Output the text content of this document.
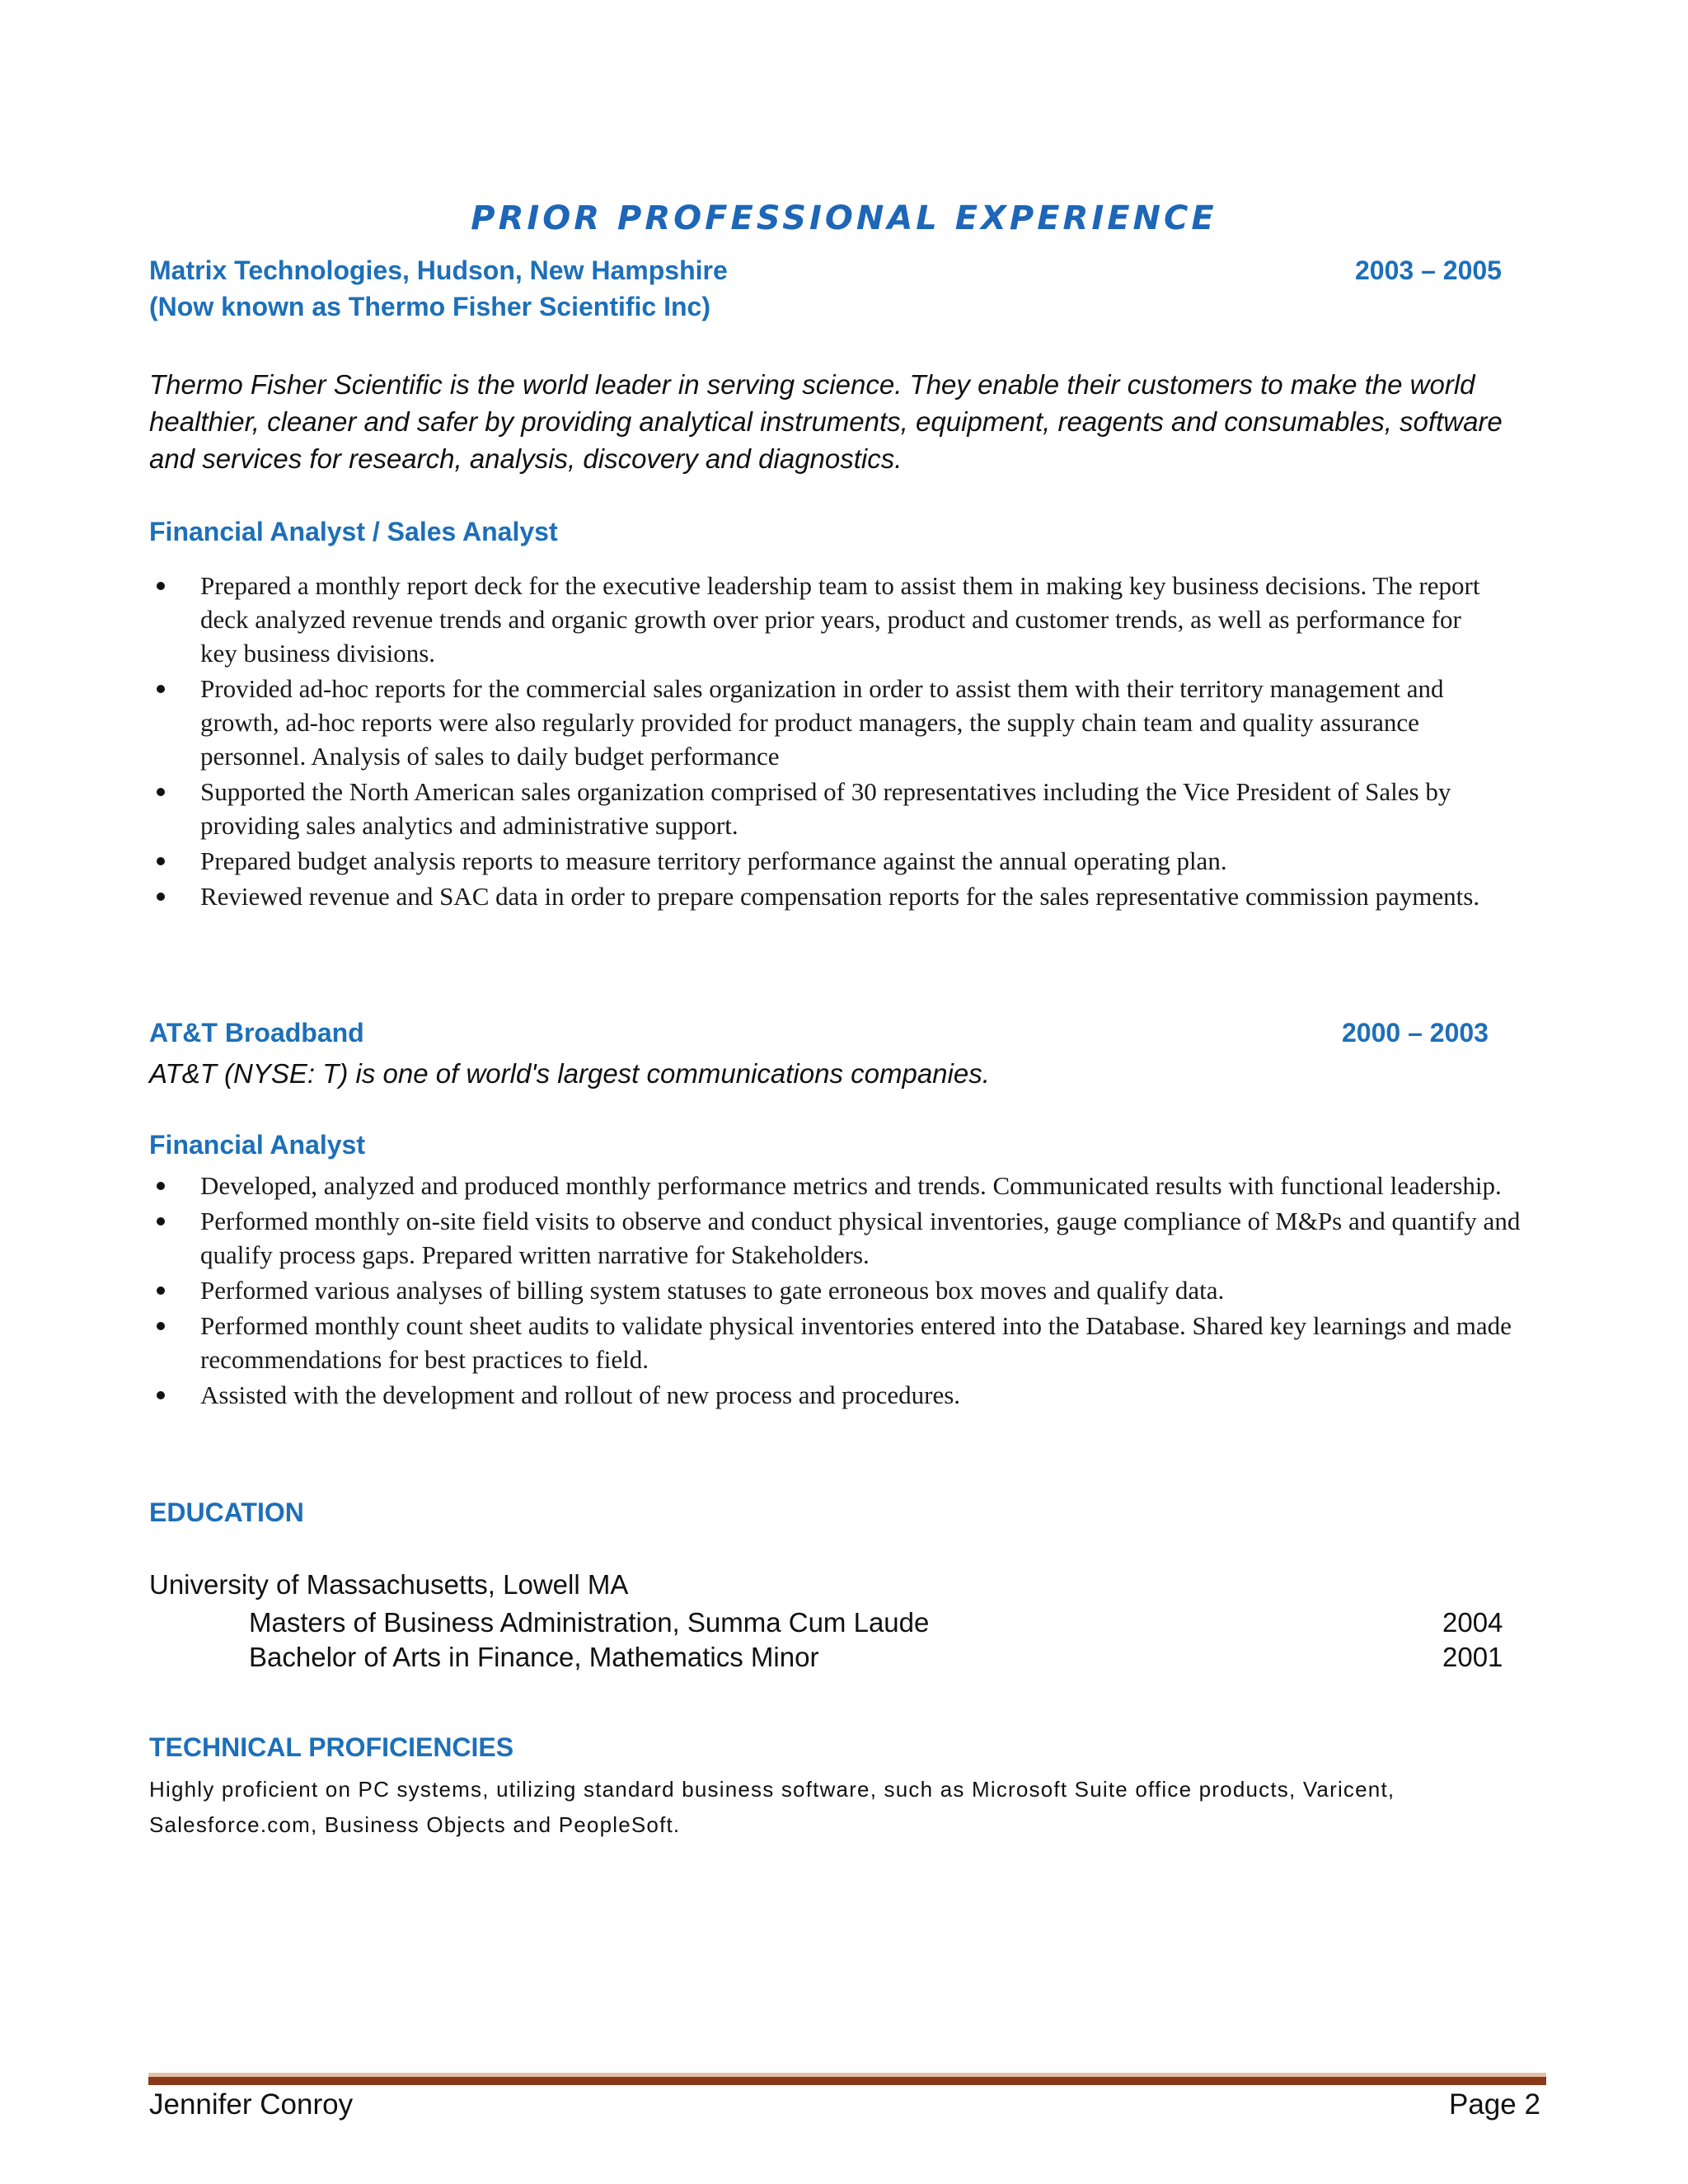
PRIOR PROFESSIONAL EXPERIENCE
Matrix Technologies, Hudson, New Hampshire	2003 – 2005
(Now known as Thermo Fisher Scientific Inc)
Thermo Fisher Scientific is the world leader in serving science. They enable their customers to make the world
healthier, cleaner and safer by providing analytical instruments, equipment, reagents and consumables, software
and services for research, analysis, discovery and diagnostics.
Financial Analyst / Sales Analyst
Prepared a monthly report deck for the executive leadership team to assist them in making key business decisions. The report deck analyzed revenue trends and organic growth over prior years, product and customer trends, as well as performance for key business divisions.
Provided ad-hoc reports for the commercial sales organization in order to assist them with their territory management and growth, ad-hoc reports were also regularly provided for product managers, the supply chain team and quality assurance personnel. Analysis of sales to daily budget performance
Supported the North American sales organization comprised of 30 representatives including the Vice President of Sales by providing sales analytics and administrative support.
Prepared budget analysis reports to measure territory performance against the annual operating plan.
Reviewed revenue and SAC data in order to prepare compensation reports for the sales representative commission payments.
AT&T Broadband	2000 – 2003
AT&T (NYSE: T) is one of world's largest communications companies.
Financial Analyst
Developed, analyzed and produced monthly performance metrics and trends. Communicated results with functional leadership.
Performed monthly on-site field visits to observe and conduct physical inventories, gauge compliance of M&Ps and quantify and qualify process gaps. Prepared written narrative for Stakeholders.
Performed various analyses of billing system statuses to gate erroneous box moves and qualify data.
Performed monthly count sheet audits to validate physical inventories entered into the Database. Shared key learnings and made recommendations for best practices to field.
Assisted with the development and rollout of new process and procedures.
EDUCATION
University of Massachusetts, Lowell MA
Masters of Business Administration, Summa Cum Laude	2004
Bachelor of Arts in Finance, Mathematics Minor	2001
TECHNICAL PROFICIENCIES
Highly proficient on PC systems, utilizing standard business software, such as Microsoft Suite office products, Varicent,
Salesforce.com, Business Objects and PeopleSoft.
Jennifer Conroy	Page 2
